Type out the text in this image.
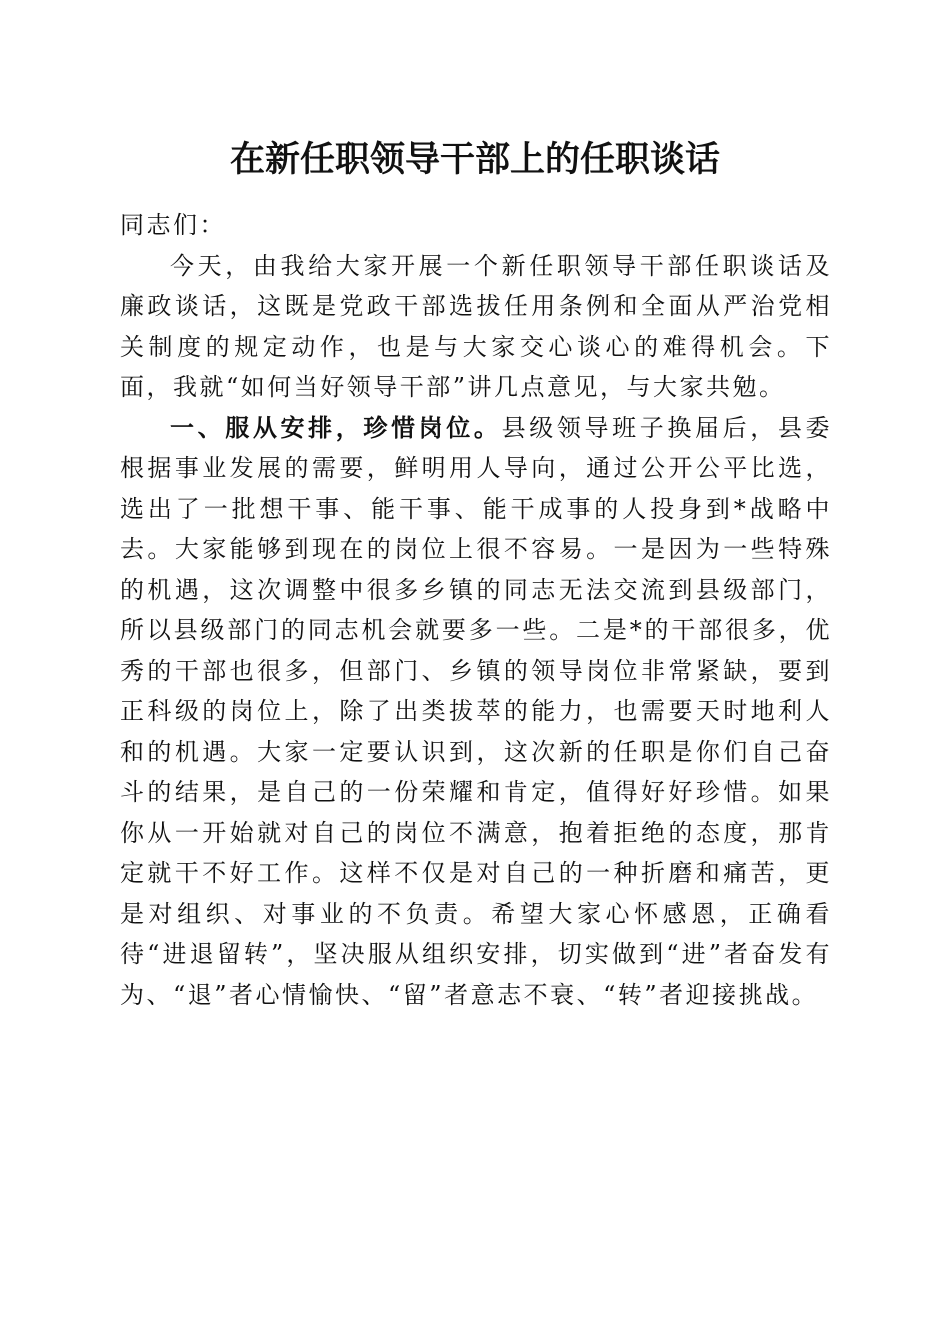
在新任职领导干部上的任职谈话

同志们：

今天，由我给大家开展一个新任职领导干部任职谈话及廉政谈话，这既是党政干部选拔任用条例和全面从严治党相关制度的规定动作，也是与大家交心谈心的难得机会。下面，我就“如何当好领导干部”讲几点意见，与大家共勉。

一、服从安排，珍惜岗位。县级领导班子换届后，县委根据事业发展的需要，鲜明用人导向，通过公开公平比选，选出了一批想干事、能干事、能干成事的人投身到*战略中去。大家能够到现在的岗位上很不容易。一是因为一些特殊的机遇，这次调整中很多乡镇的同志无法交流到县级部门，所以县级部门的同志机会就要多一些。二是*的干部很多，优秀的干部也很多，但部门、乡镇的领导岗位非常紧缺，要到正科级的岗位上，除了出类拔萃的能力，也需要天时地利人和的机遇。大家一定要认识到，这次新的任职是你们自己奋斗的结果，是自己的一份荣耀和肯定，值得好好珍惜。如果你从一开始就对自己的岗位不满意，抱着拒绝的态度，那肯定就干不好工作。这样不仅是对自己的一种折磨和痛苦，更是对组织、对事业的不负责。希望大家心怀感恩，正确看待“进退留转”，坚决服从组织安排，切实做到“进”者奋发有为、“退”者心情愉快、“留”者意志不衰、“转”者迎接挑战。
